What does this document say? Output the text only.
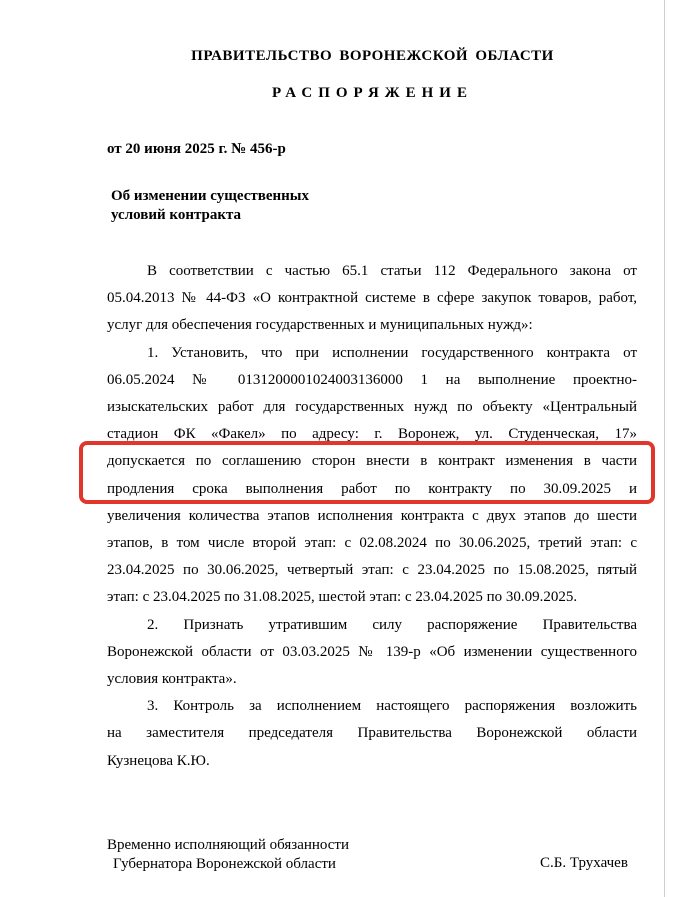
ПРАВИТЕЛЬСТВО ВОРОНЕЖСКОЙ ОБЛАСТИ
РАСПОРЯЖЕНИЕ
от 20 июня 2025 г. № 456-р
Об изменении существенных
условий контракта
В соответствии с частью 65.1 статьи 112 Федерального закона от
05.04.2013 № 44-ФЗ «О контрактной системе в сфере закупок товаров, работ,
услуг для обеспечения государственных и муниципальных нужд»:
1. Установить, что при исполнении государственного контракта от
06.05.2024 № 0131200001024003136000 1 на выполнение проектно-
изыскательских работ для государственных нужд по объекту «Центральный
стадион ФК «Факел» по адресу: г. Воронеж, ул. Студенческая, 17»
допускается по соглашению сторон внести в контракт изменения в части
продления срока выполнения работ по контракту по 30.09.2025 и
увеличения количества этапов исполнения контракта с двух этапов до шести
этапов, в том числе второй этап: с 02.08.2024 по 30.06.2025, третий этап: с
23.04.2025 по 30.06.2025, четвертый этап: с 23.04.2025 по 15.08.2025, пятый
этап: с 23.04.2025 по 31.08.2025, шестой этап: с 23.04.2025 по 30.09.2025.
2. Признать утратившим силу распоряжение Правительства
Воронежской области от 03.03.2025 № 139-р «Об изменении существенного
условия контракта».
3. Контроль за исполнением настоящего распоряжения возложить
на заместителя председателя Правительства Воронежской области
Кузнецова К.Ю.
Временно исполняющий обязанности
Губернатора Воронежской области	С.Б. Трухачев
